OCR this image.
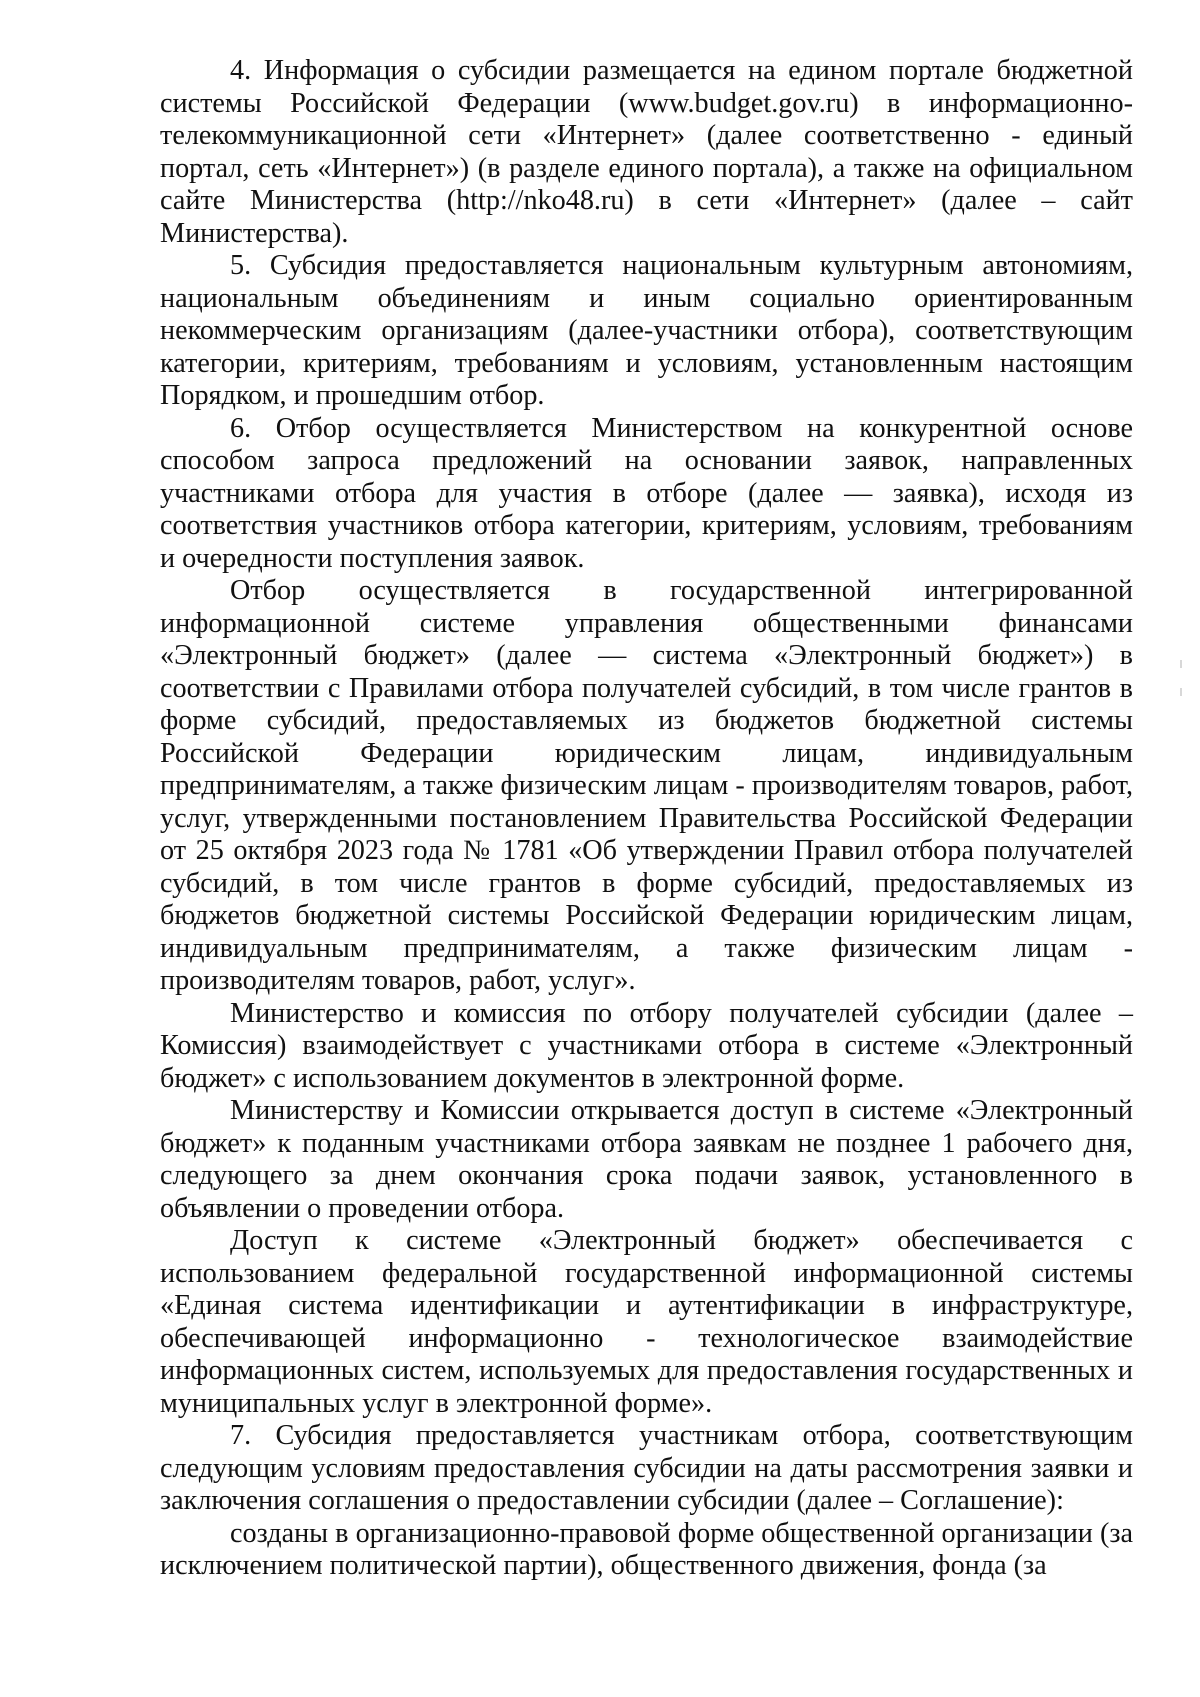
4. Информация о субсидии размещается на едином портале бюджетной системы Российской Федерации (www.budget.gov.ru) в информационно-телекоммуникационной сети «Интернет» (далее соответственно - единый портал, сеть «Интернет») (в разделе единого портала), а также на официальном сайте Министерства (http://nko48.ru) в сети «Интернет» (далее – сайт Министерства).

5. Субсидия предоставляется национальным культурным автономиям, национальным объединениям и иным социально ориентированным некоммерческим организациям (далее-участники отбора), соответствующим категории, критериям, требованиям и условиям, установленным настоящим Порядком, и прошедшим отбор.

6. Отбор осуществляется Министерством на конкурентной основе способом запроса предложений на основании заявок, направленных участниками отбора для участия в отборе (далее — заявка), исходя из соответствия участников отбора категории, критериям, условиям, требованиям и очередности поступления заявок.

Отбор осуществляется в государственной интегрированной информационной системе управления общественными финансами «Электронный бюджет» (далее — система «Электронный бюджет») в соответствии с Правилами отбора получателей субсидий, в том числе грантов в форме субсидий, предоставляемых из бюджетов бюджетной системы Российской Федерации юридическим лицам, индивидуальным предпринимателям, а также физическим лицам - производителям товаров, работ, услуг, утвержденными постановлением Правительства Российской Федерации от 25 октября 2023 года № 1781 «Об утверждении Правил отбора получателей субсидий, в том числе грантов в форме субсидий, предоставляемых из бюджетов бюджетной системы Российской Федерации юридическим лицам, индивидуальным предпринимателям, а также физическим лицам - производителям товаров, работ, услуг».

Министерство и комиссия по отбору получателей субсидии (далее – Комиссия) взаимодействует с участниками отбора в системе «Электронный бюджет» с использованием документов в электронной форме.

Министерству и Комиссии открывается доступ в системе «Электронный бюджет» к поданным участниками отбора заявкам не позднее 1 рабочего дня, следующего за днем окончания срока подачи заявок, установленного в объявлении о проведении отбора.

Доступ к системе «Электронный бюджет» обеспечивается с использованием федеральной государственной информационной системы «Единая система идентификации и аутентификации в инфраструктуре, обеспечивающей информационно - технологическое взаимодействие информационных систем, используемых для предоставления государственных и муниципальных услуг в электронной форме».

7. Субсидия предоставляется участникам отбора, соответствующим следующим условиям предоставления субсидии на даты рассмотрения заявки и заключения соглашения о предоставлении субсидии (далее – Соглашение):

созданы в организационно-правовой форме общественной организации (за исключением политической партии), общественного движения, фонда (за
